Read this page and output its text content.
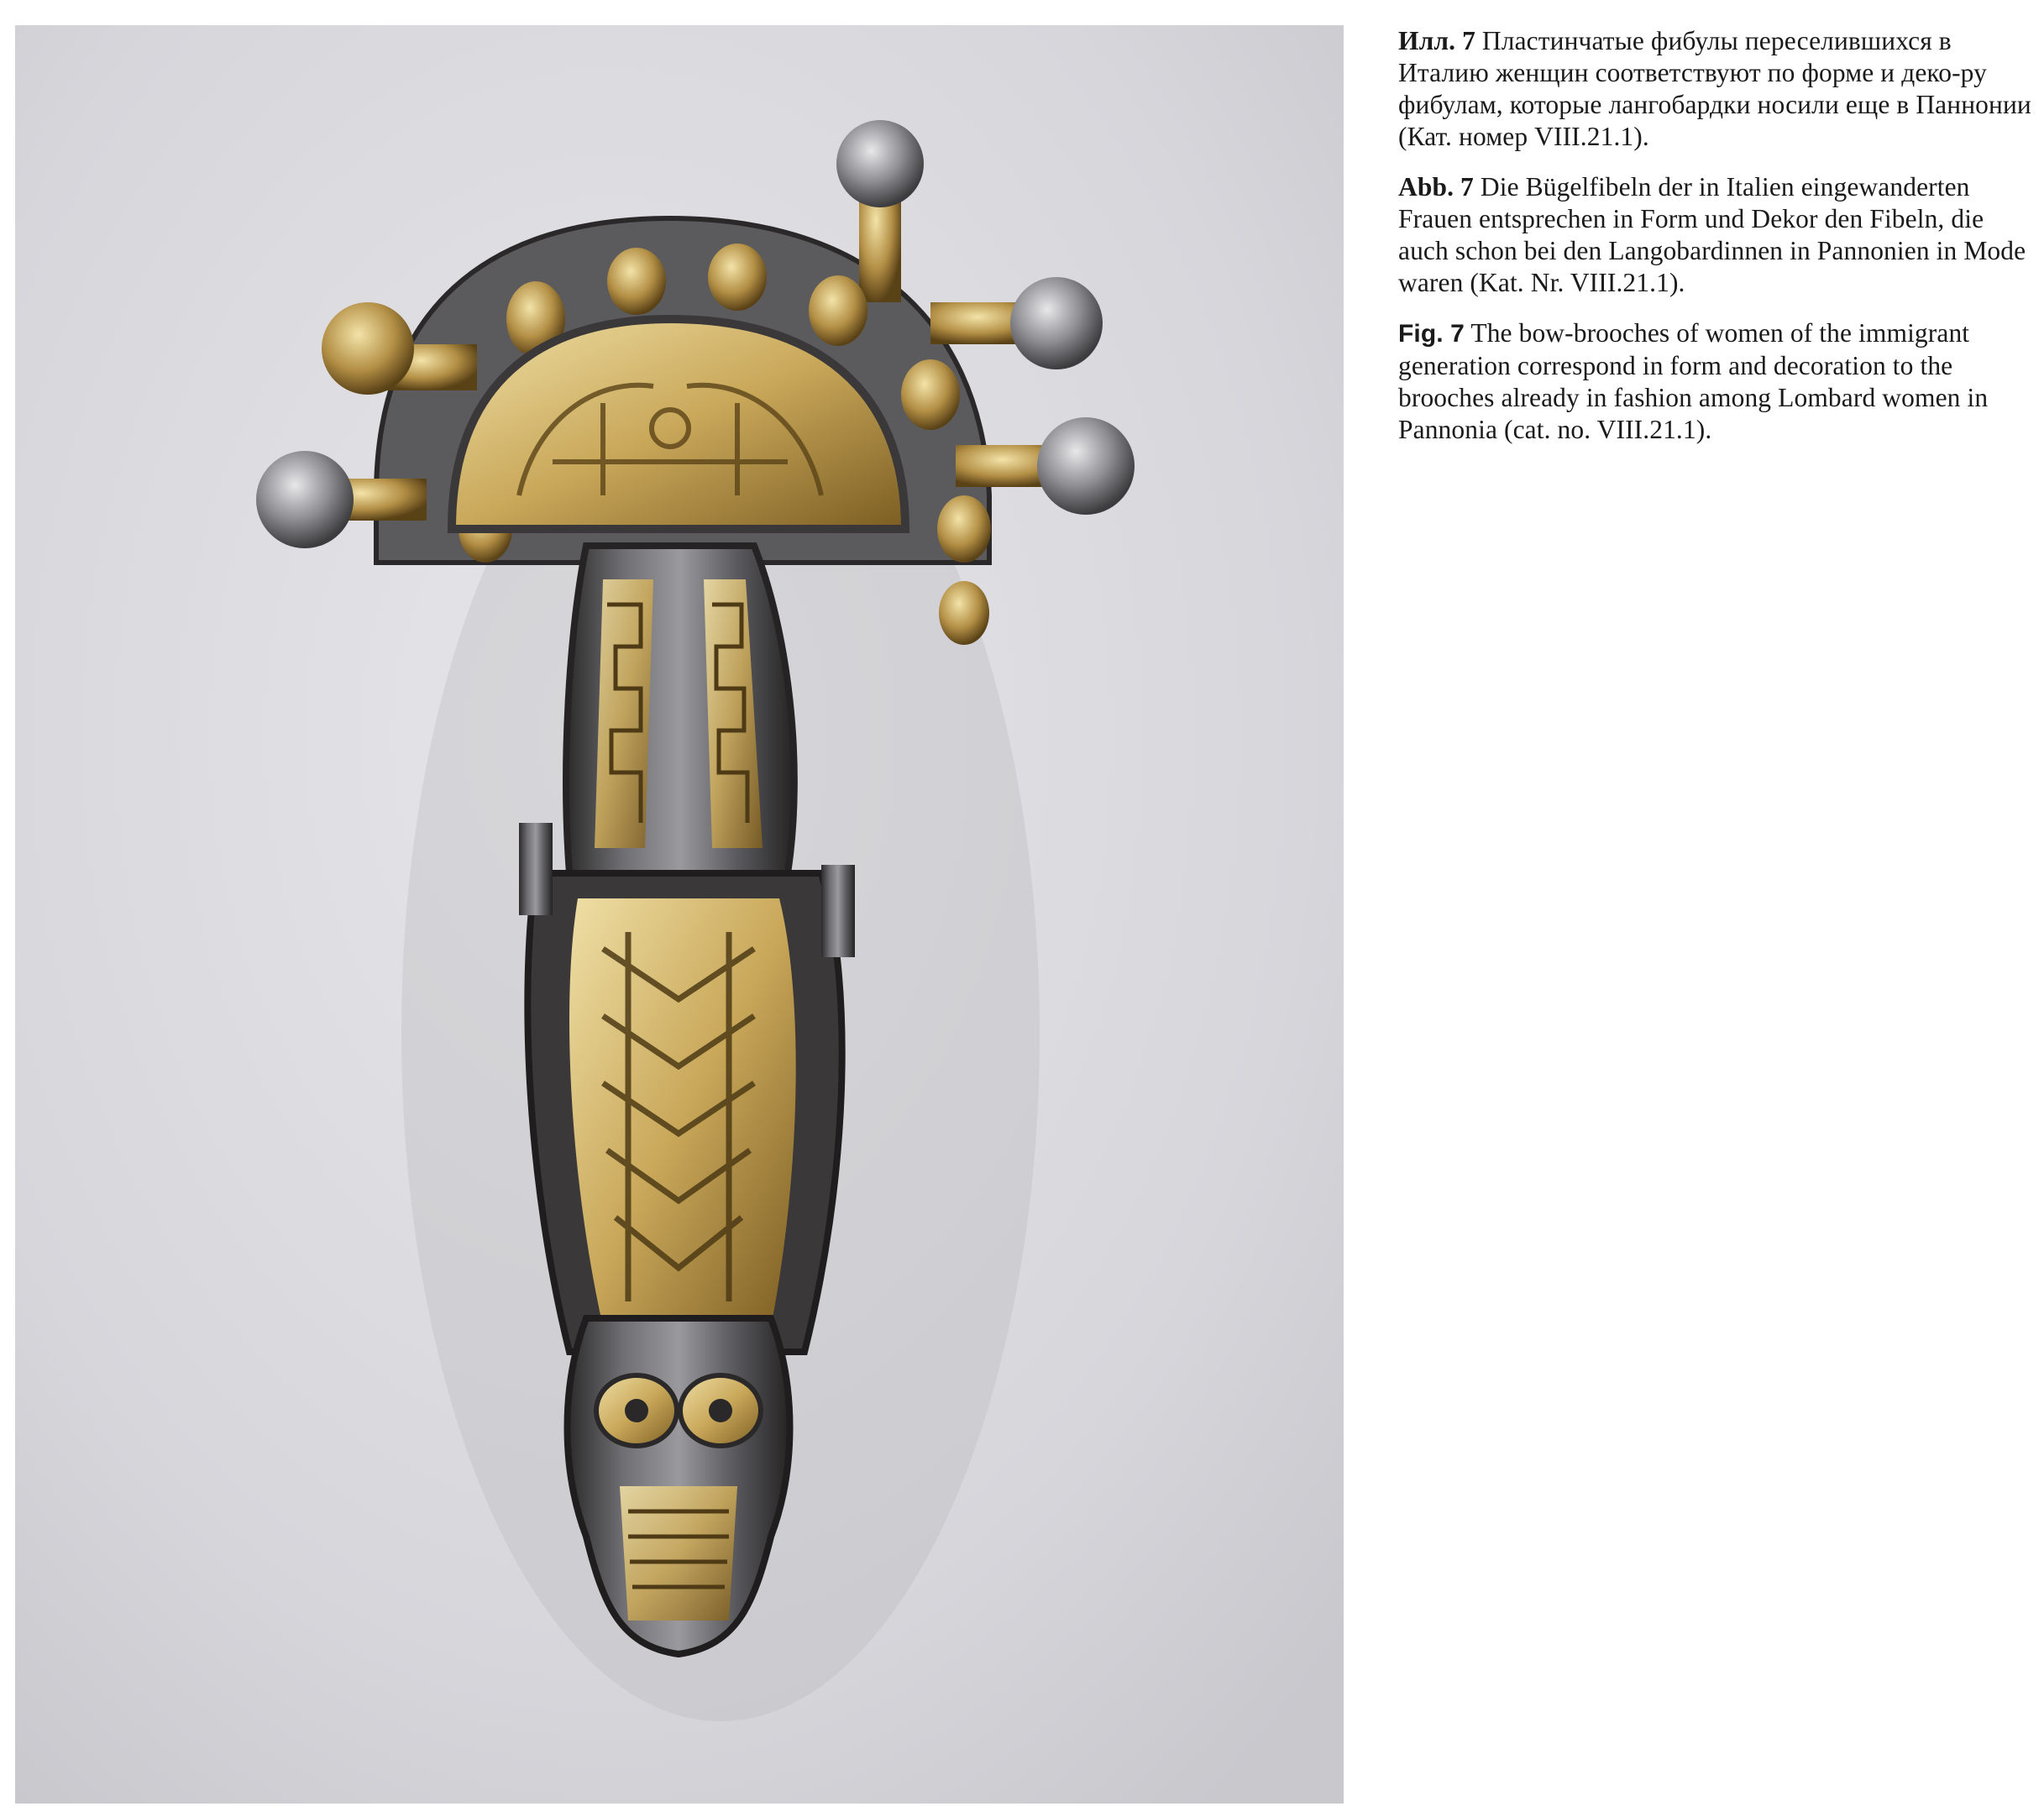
Илл. 7 Пластинчатые фибулы переселившихся в Италию женщин соответствуют по форме и деко-ру фибулам, которые лангобардки носили еще в Паннонии (Кат. номер VIII.21.1).

Abb. 7 Die Bügelfibeln der in Italien eingewanderten Frauen entsprechen in Form und Dekor den Fibeln, die auch schon bei den Langobardinnen in Pannonien in Mode waren (Kat. Nr. VIII.21.1).

Fig. 7 The bow-brooches of women of the immigrant generation correspond in form and decoration to the brooches already in fashion among Lombard women in Pannonia (cat. no. VIII.21.1).
